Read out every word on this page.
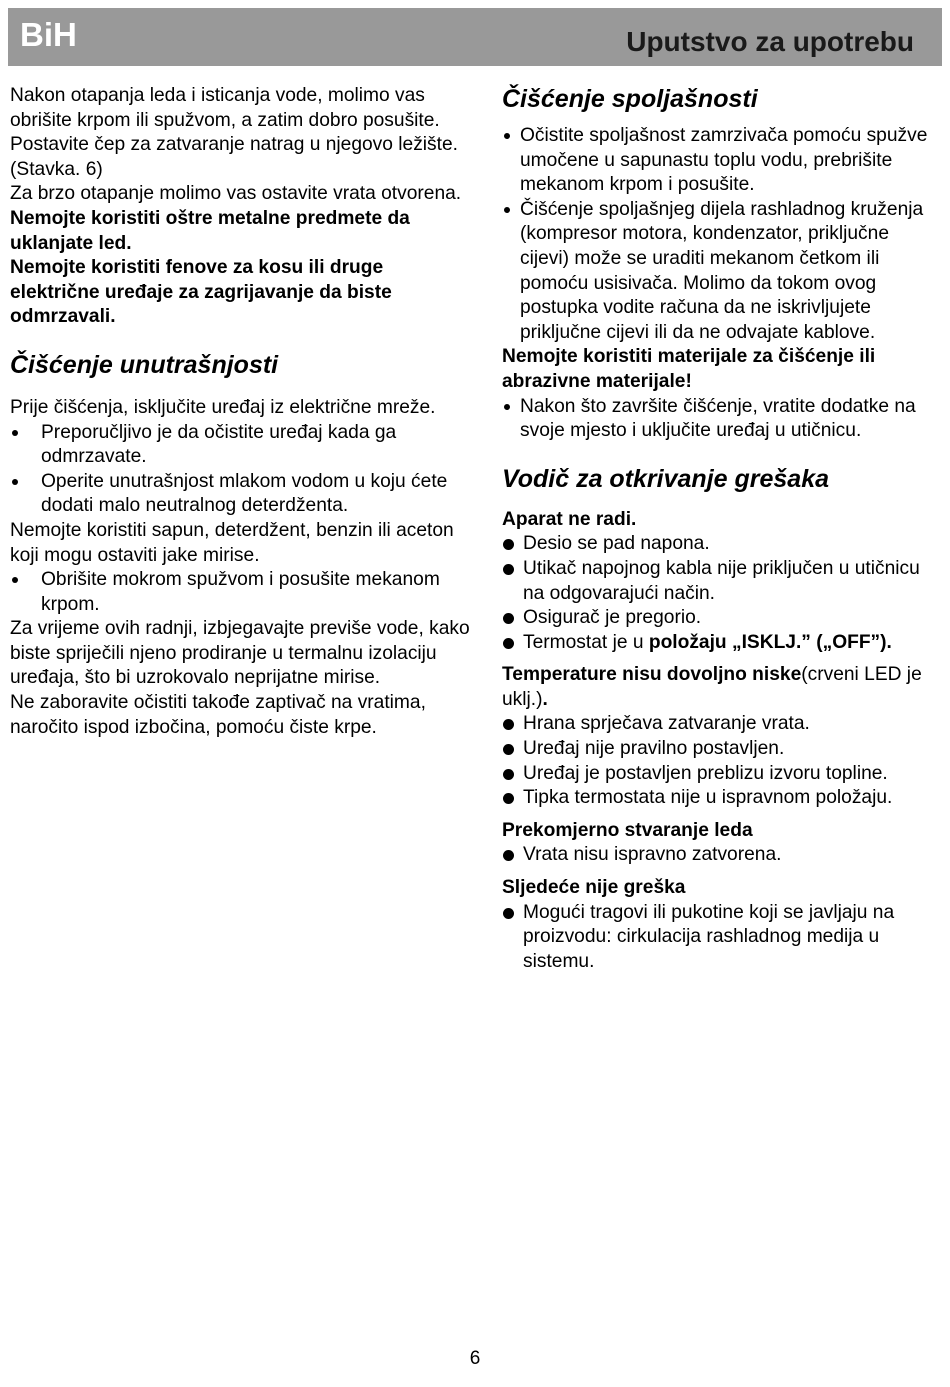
BiH	Uputstvo za upotrebu

Nakon otapanja leda i isticanja vode, molimo vas obrišite krpom ili spužvom, a zatim dobro posušite. Postavite čep za zatvaranje natrag u njegovo ležište. (Stavka. 6)

Za brzo otapanje molimo vas ostavite vrata otvorena.

Nemojte koristiti oštre metalne predmete da uklanjate led.

Nemojte koristiti fenove za kosu ili druge električne uređaje za zagrijavanje da biste odmrzavali.

Čišćenje unutrašnjosti

Prije čišćenja, isključite uređaj iz električne mreže.

Preporučljivo je da očistite uređaj kada ga odmrzavate.

Operite unutrašnjost mlakom vodom u koju ćete dodati malo neutralnog deterdženta.

Nemojte koristiti sapun, deterdžent, benzin ili aceton koji mogu ostaviti jake mirise.

Obrišite mokrom spužvom i posušite mekanom krpom.

Za vrijeme ovih radnji, izbjegavajte previše vode, kako biste spriječili njeno prodiranje u termalnu izolaciju uređaja, što bi uzrokovalo neprijatne mirise.

Ne zaboravite očistiti takođe zaptivač na vratima, naročito ispod izbočina, pomoću čiste krpe.

Čišćenje spoljašnosti

Očistite spoljašnost zamrzivača pomoću spužve umočene u sapunastu toplu vodu, prebrišite mekanom krpom i posušite.

Čišćenje spoljašnjeg dijela rashladnog kruženja (kompresor motora, kondenzator, priključne cijevi) može se uraditi mekanom četkom ili pomoću usisivača. Molimo da tokom ovog postupka vodite računa da ne iskrivljujete priključne cijevi ili da ne odvajate kablove.

Nemojte koristiti materijale za čišćenje ili abrazivne materijale!

Nakon što završite čišćenje, vratite dodatke na svoje mjesto i uključite uređaj u utičnicu.

Vodič za otkrivanje grešaka

Aparat ne radi.

Desio se pad napona.

Utikač napojnog kabla nije priključen u utičnicu na odgovarajući način.

Osigurač je pregorio.

Termostat je u položaju „ISKLJ.” („OFF”).

Temperature nisu dovoljno niske(crveni LED je uklj.).

Hrana sprječava zatvaranje vrata.

Uređaj nije pravilno postavljen.

Uređaj je postavljen preblizu izvoru topline.

Tipka termostata nije u ispravnom položaju.

Prekomjerno stvaranje leda

Vrata nisu ispravno zatvorena.

Sljedeće nije greška

Mogući tragovi ili pukotine koji se javljaju na proizvodu: cirkulacija rashladnog medija u sistemu.

6
